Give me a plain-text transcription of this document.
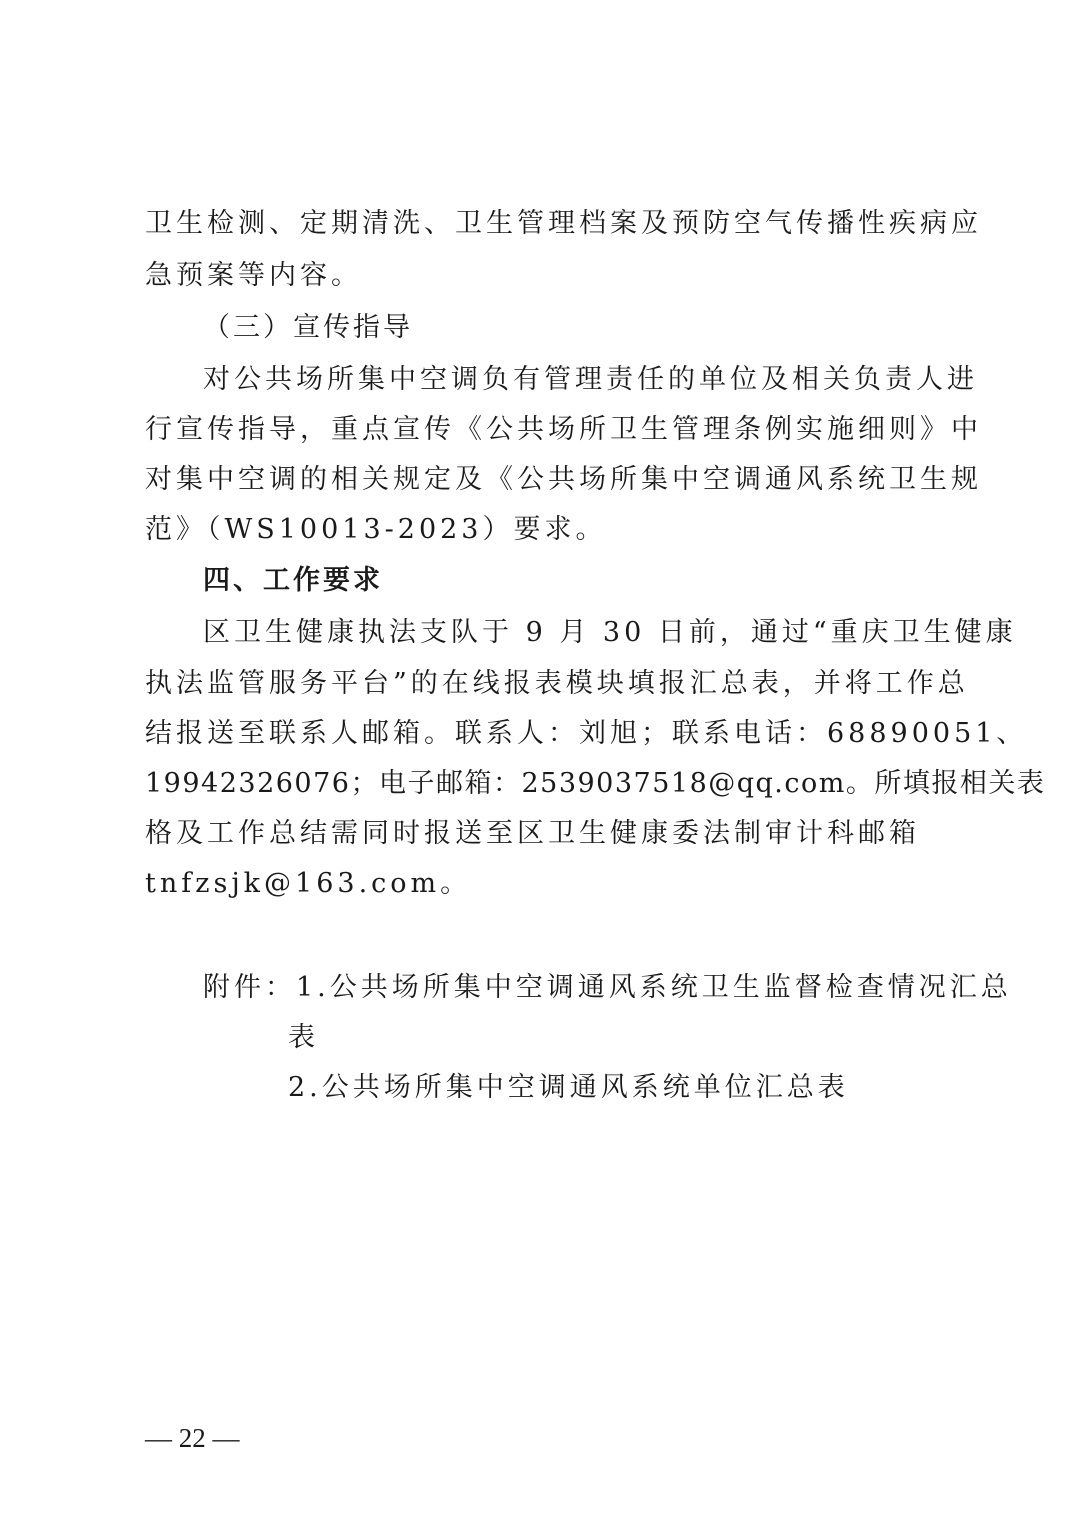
卫生检测、定期清洗、卫生管理档案及预防空气传播性疾病应
急预案等内容。
（三）宣传指导
对公共场所集中空调负有管理责任的单位及相关负责人进
行宣传指导，重点宣传《公共场所卫生管理条例实施细则》中
对集中空调的相关规定及《公共场所集中空调通风系统卫生规
范》（WS10013-2023）要求。
四、工作要求
区卫生健康执法支队于 9 月 30 日前，通过“重庆卫生健康
执法监管服务平台”的在线报表模块填报汇总表，并将工作总
结报送至联系人邮箱。联系人：刘旭；联系电话：68890051、
19942326076；电子邮箱：2539037518@qq.com。所填报相关表
格及工作总结需同时报送至区卫生健康委法制审计科邮箱
tnfzsjk@163.com。
附件：1.公共场所集中空调通风系统卫生监督检查情况汇总
表
2.公共场所集中空调通风系统单位汇总表
— 22 —
